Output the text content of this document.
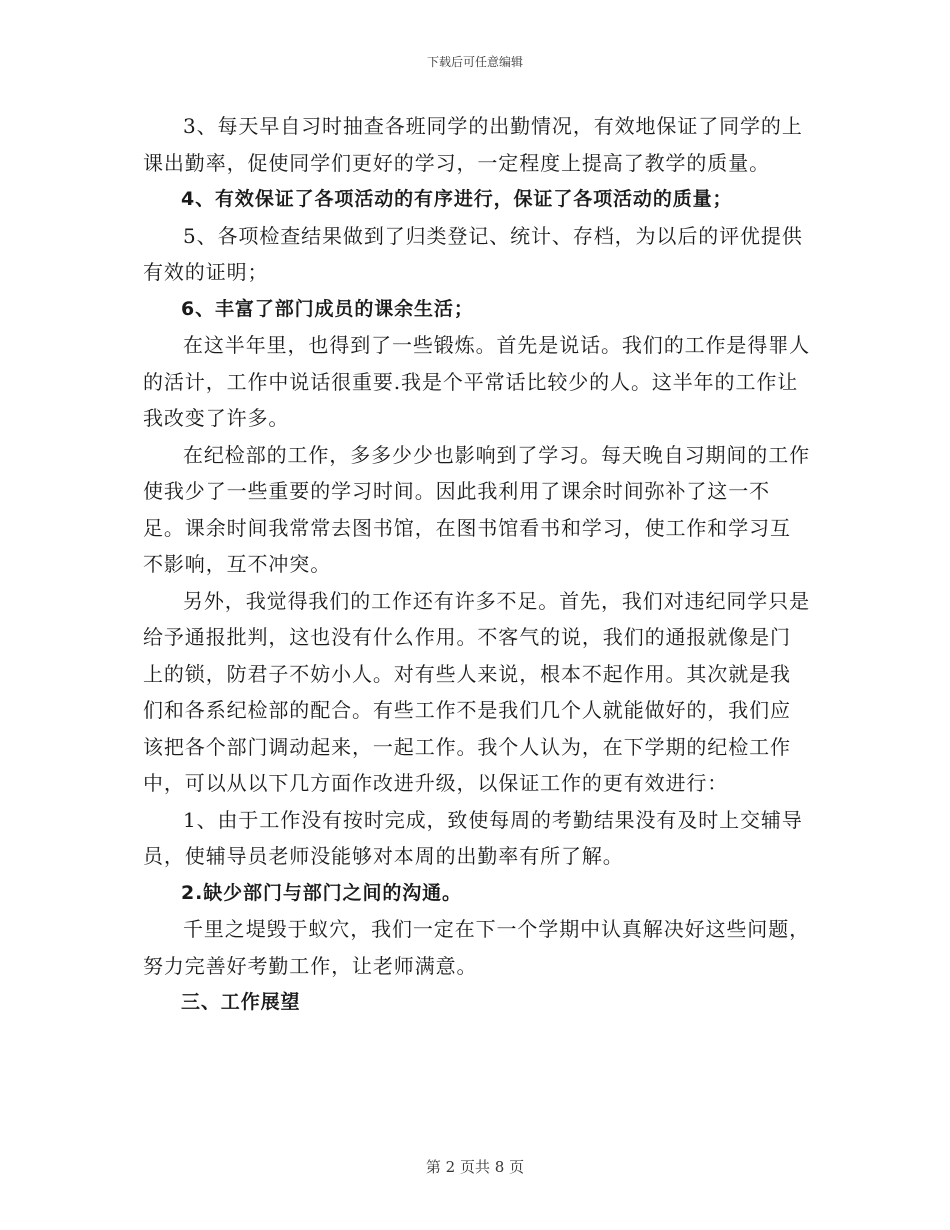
下载后可任意编辑

3、每天早自习时抽查各班同学的出勤情况，有效地保证了同学的上课出勤率，促使同学们更好的学习，一定程度上提高了教学的质量。

4、有效保证了各项活动的有序进行，保证了各项活动的质量；

5、各项检查结果做到了归类登记、统计、存档，为以后的评优提供有效的证明；

6、丰富了部门成员的课余生活；

在这半年里，也得到了一些锻炼。首先是说话。我们的工作是得罪人的活计，工作中说话很重要.我是个平常话比较少的人。这半年的工作让我改变了许多。

在纪检部的工作，多多少少也影响到了学习。每天晚自习期间的工作使我少了一些重要的学习时间。因此我利用了课余时间弥补了这一不足。课余时间我常常去图书馆，在图书馆看书和学习，使工作和学习互不影响，互不冲突。

另外，我觉得我们的工作还有许多不足。首先，我们对违纪同学只是给予通报批判，这也没有什么作用。不客气的说，我们的通报就像是门上的锁，防君子不妨小人。对有些人来说，根本不起作用。其次就是我们和各系纪检部的配合。有些工作不是我们几个人就能做好的，我们应该把各个部门调动起来，一起工作。我个人认为，在下学期的纪检工作中，可以从以下几方面作改进升级，以保证工作的更有效进行：

1、由于工作没有按时完成，致使每周的考勤结果没有及时上交辅导员，使辅导员老师没能够对本周的出勤率有所了解。

2.缺少部门与部门之间的沟通。

千里之堤毁于蚁穴，我们一定在下一个学期中认真解决好这些问题，努力完善好考勤工作，让老师满意。

三、工作展望

第 2 页共 8 页
